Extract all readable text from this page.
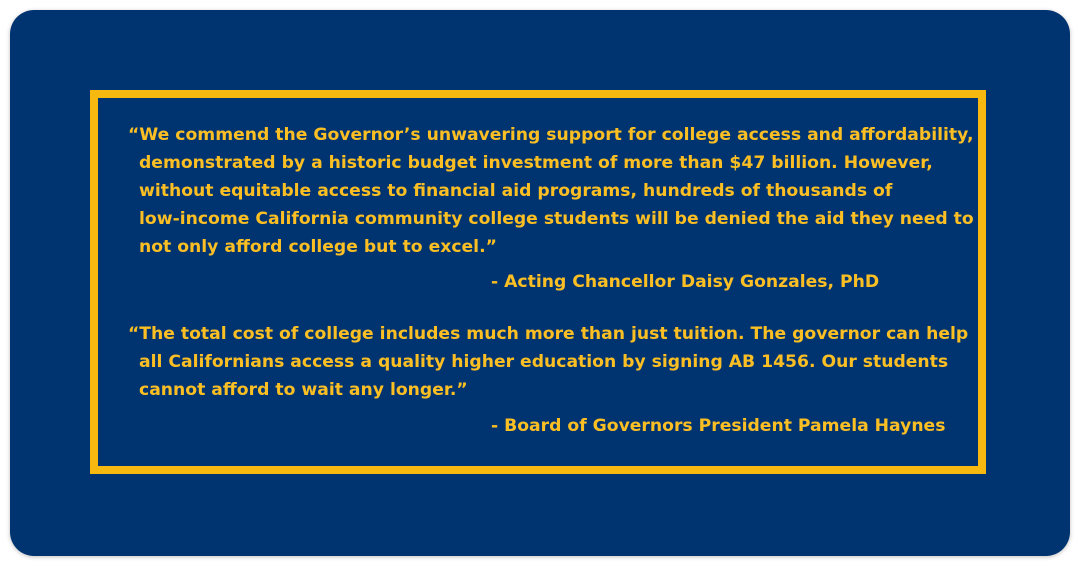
“We commend the Governor’s unwavering support for college access and affordability,
demonstrated by a historic budget investment of more than $47 billion. However,
without equitable access to financial aid programs, hundreds of thousands of
low-income California community college students will be denied the aid they need to
not only afford college but to excel.”
- Acting Chancellor Daisy Gonzales, PhD
“The total cost of college includes much more than just tuition. The governor can help
all Californians access a quality higher education by signing AB 1456. Our students
cannot afford to wait any longer.”
- Board of Governors President Pamela Haynes
